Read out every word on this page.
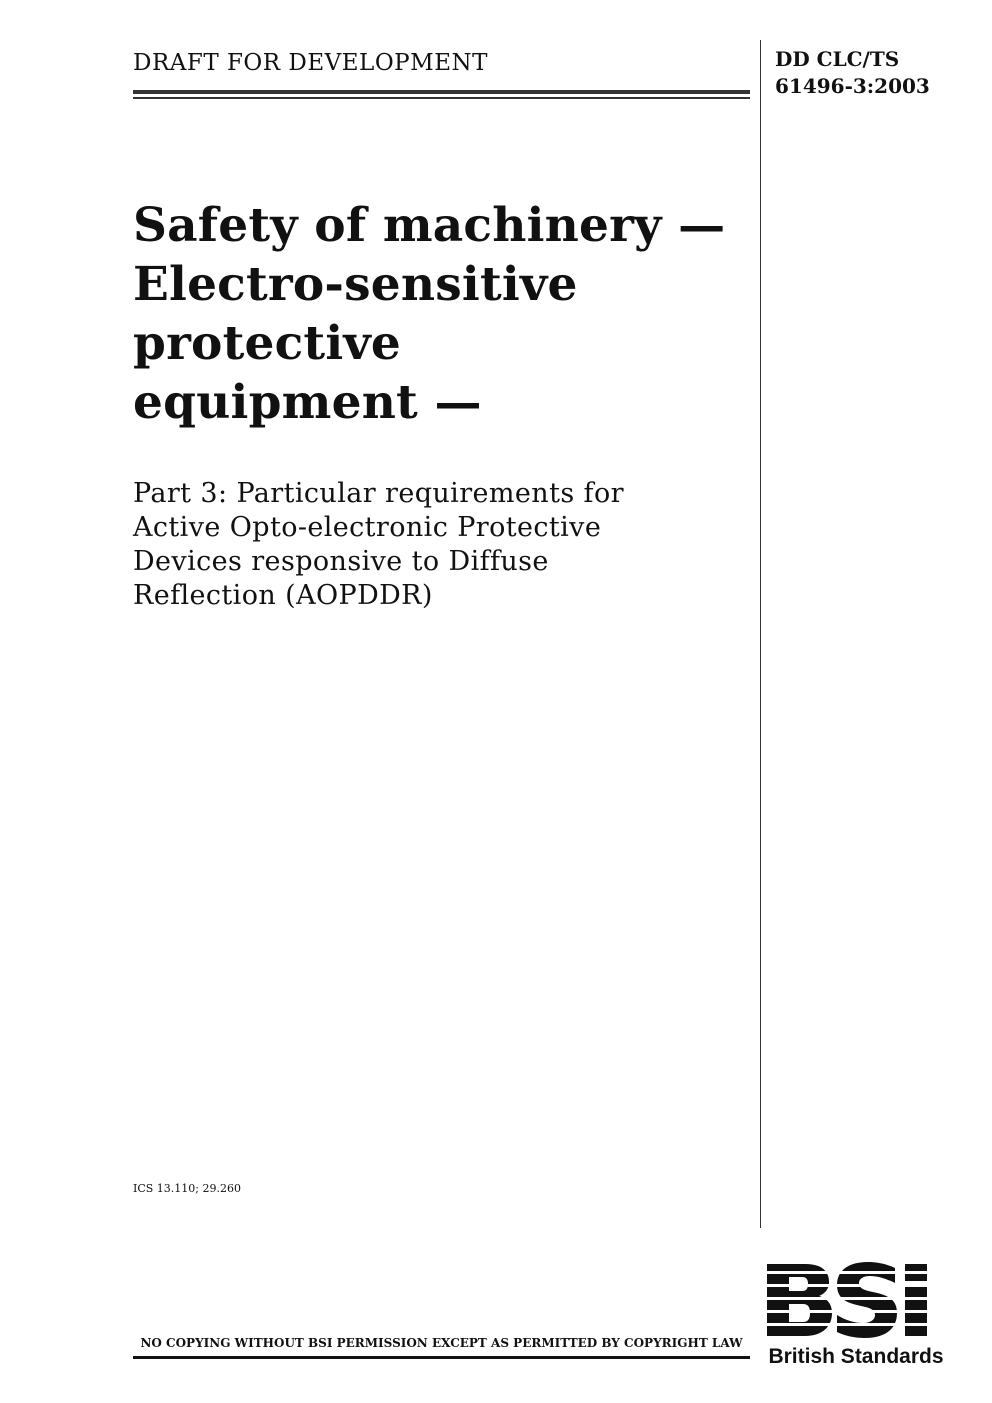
DRAFT FOR DEVELOPMENT	DD CLC/TS
61496-3:2003
Safety of machinery —
Electro-sensitive
protective
equipment —
Part 3: Particular requirements for
Active Opto-electronic Protective
Devices responsive to Diffuse
Reflection (AOPDDR)
ICS 13.110; 29.260
British Standards
NO COPYING WITHOUT BSI PERMISSION EXCEPT AS PERMITTED BY COPYRIGHT LAW
